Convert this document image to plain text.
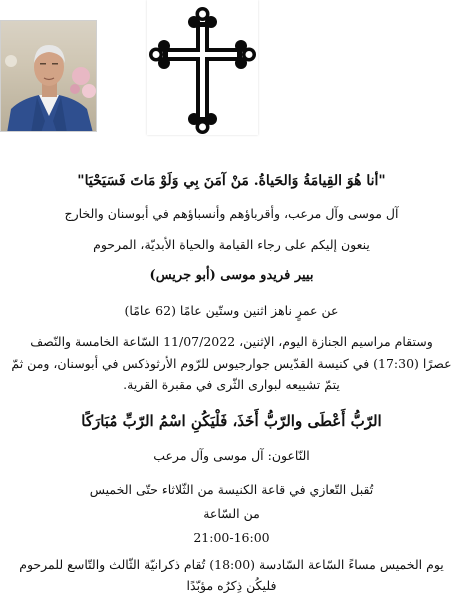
"أنا هُوَ القِيامَةُ وَالحَياةُ. مَنْ آمَنَ بِي وَلَوْ مَاتَ فَسَيَحْيَا"
آل موسى وآل مرعب، وأقرباؤهم وأنسباؤهم في أبوسنان والخارج
ينعون إليكم على رجاء القيامة والحياة الأبديّة، المرحوم
بيير فريدو موسى (أبو جريس)
عن عمرٍ ناهز اثنين وستّين عامًا (62 عامًا)
وستقام مراسيم الجنازة اليوم، الإثنين، 11/07/2022 السّاعة الخامسة والنّصف
عصرًا (17:30) في كنيسة القدّيس جوارجيوس للرّوم الأرثوذكس في أبوسنان، ومن ثمّ
يتمّ تشييعه لبوارى الثّرى في مقبرة القرية.
الرّبُّ أَعْطَى والرّبُّ أَخَذَ، فَلْيَكُنِ اسْمُ الرّبِّ مُبَارَكًا
النّاعون: آل موسى وآل مرعب
تُقبل التّعازي في قاعة الكنيسة من الثّلاثاء حتّى الخميس
من السّاعة
21:00-16:00
يوم الخميس مساءً السّاعة السّادسة (18:00) تُقام ذكرانيّة الثّالث والتّاسع للمرحوم
فليكُن ذِكرُه مؤبّدًا
